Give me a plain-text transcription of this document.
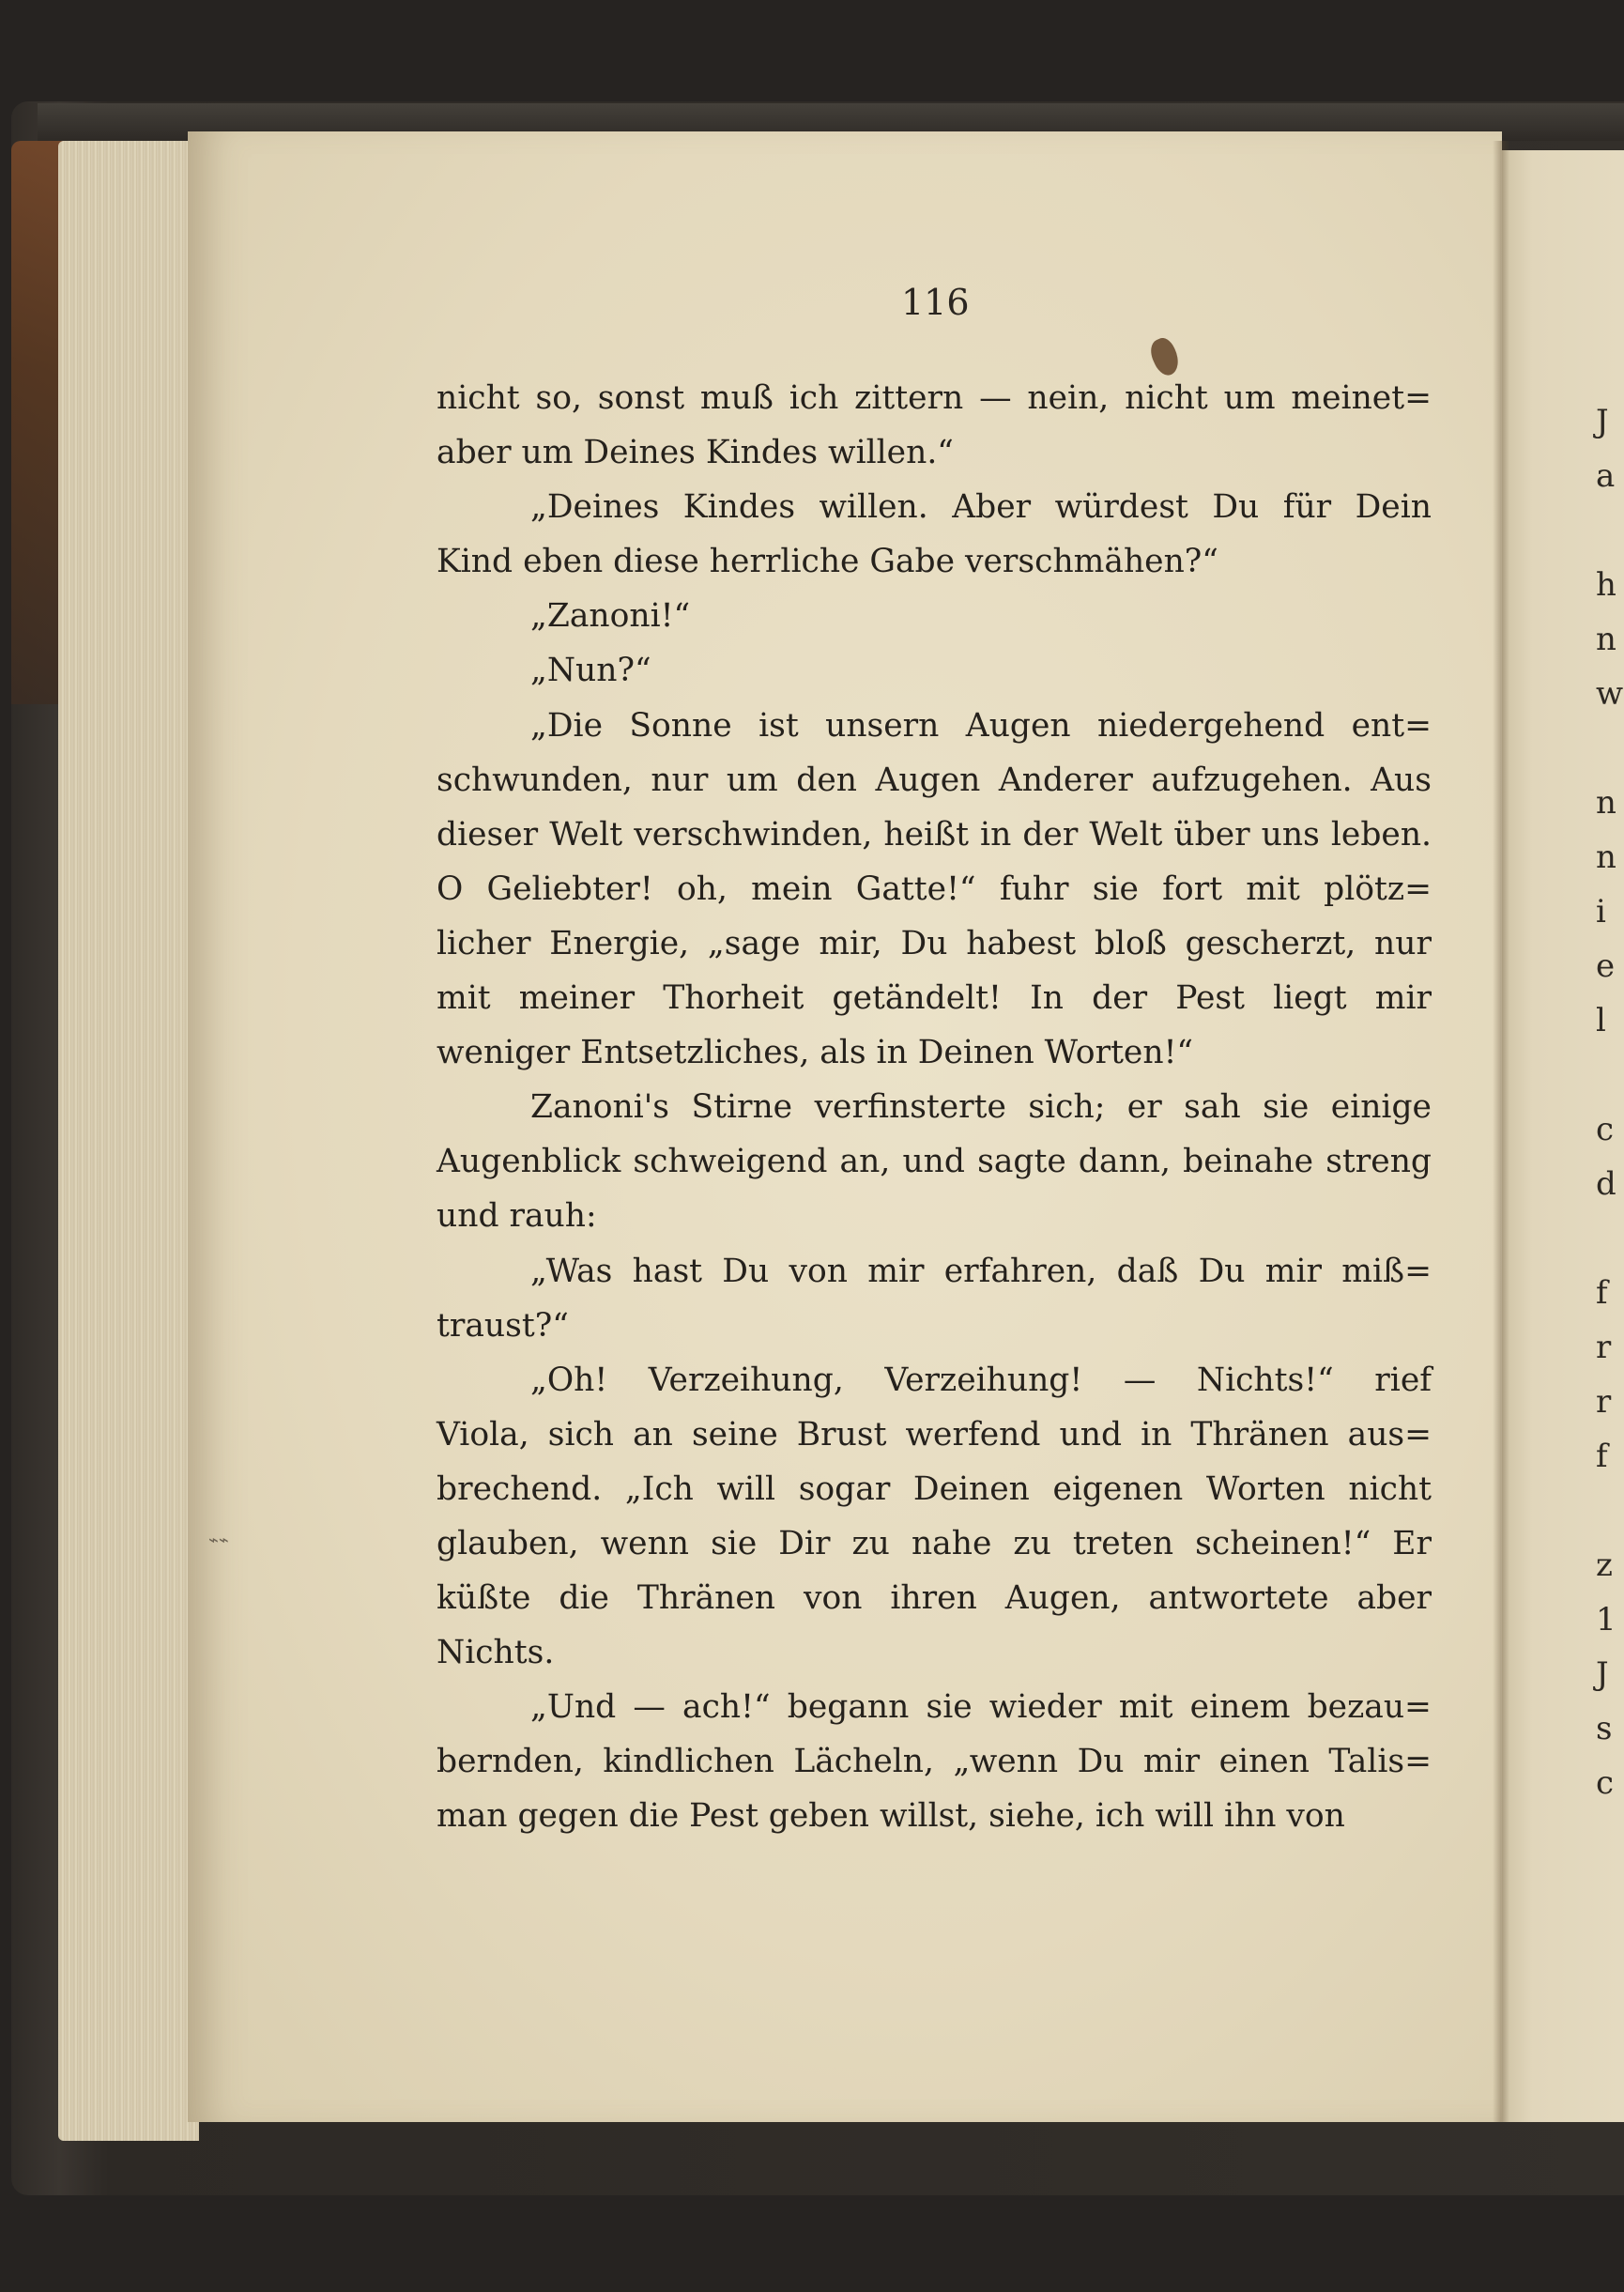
J
a
h
n
w
n
n
i
e
l
c
d
f
r
r
f
z
1
J
s
c
⌁⌁
116
nicht so, sonst muß ich zittern — nein, nicht um meinet=
aber um Deines Kindes willen.“
„Deines Kindes willen. Aber würdest Du für Dein
Kind eben diese herrliche Gabe verschmähen?“
„Zanoni!“
„Nun?“
„Die Sonne ist unsern Augen niedergehend ent=
schwunden, nur um den Augen Anderer aufzugehen. Aus
dieser Welt verschwinden, heißt in der Welt über uns leben.
O Geliebter! oh, mein Gatte!“ fuhr sie fort mit plötz=
licher Energie, „sage mir, Du habest bloß gescherzt, nur
mit meiner Thorheit getändelt! In der Pest liegt mir
weniger Entsetzliches, als in Deinen Worten!“
Zanoni's Stirne verfinsterte sich; er sah sie einige
Augenblick schweigend an, und sagte dann, beinahe streng
und rauh:
„Was hast Du von mir erfahren, daß Du mir miß=
traust?“
„Oh! Verzeihung, Verzeihung! — Nichts!“ rief
Viola, sich an seine Brust werfend und in Thränen aus=
brechend. „Ich will sogar Deinen eigenen Worten nicht
glauben, wenn sie Dir zu nahe zu treten scheinen!“ Er
küßte die Thränen von ihren Augen, antwortete aber
Nichts.
„Und — ach!“ begann sie wieder mit einem bezau=
bernden, kindlichen Lächeln, „wenn Du mir einen Talis=
man gegen die Pest geben willst, siehe, ich will ihn von
